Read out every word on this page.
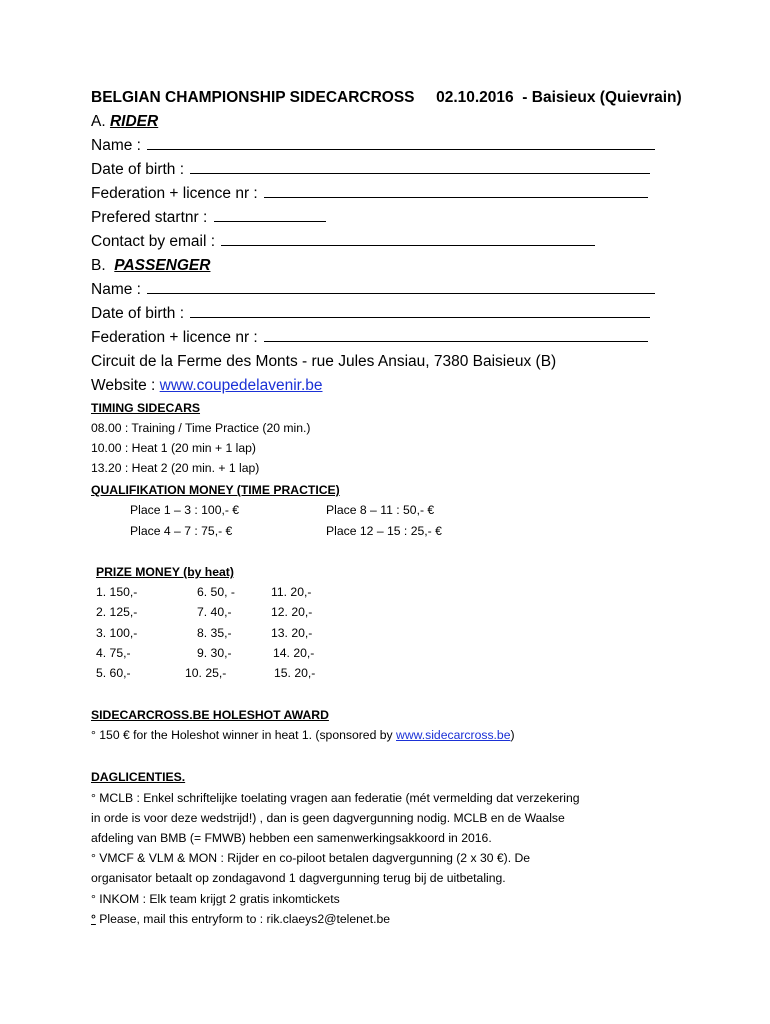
BELGIAN CHAMPIONSHIP SIDECARCROSS 02.10.2016 - Baisieux (Quievrain)
A. RIDER
Name :
Date of birth :
Federation + licence nr :
Prefered startnr :
Contact by email :
B. PASSENGER
Name :
Date of birth :
Federation + licence nr :
Circuit de la Ferme des Monts - rue Jules Ansiau, 7380 Baisieux (B)
Website : www.coupedelavenir.be
TIMING SIDECARS
08.00 : Training / Time Practice (20 min.)
10.00 : Heat 1 (20 min + 1 lap)
13.20 : Heat 2 (20 min. + 1 lap)
QUALIFIKATION MONEY (TIME PRACTICE)
Place 1 – 3 : 100,- €	Place 8 – 11 : 50,- €
Place 4 – 7 : 75,- €	Place 12 – 15 : 25,- €
PRIZE MONEY (by heat)
1. 150,-	6. 50, -	11. 20,-
2. 125,-	7. 40,-	12. 20,-
3. 100,-	8. 35,-	13. 20,-
4. 75,-	9. 30,-	14. 20,-
5. 60,-	10. 25,-	15. 20,-
SIDECARCROSS.BE HOLESHOT AWARD
° 150 € for the Holeshot winner in heat 1. (sponsored by www.sidecarcross.be)
DAGLICENTIES.
° MCLB : Enkel schriftelijke toelating vragen aan federatie (mét vermelding dat verzekering
in orde is voor deze wedstrijd!) , dan is geen dagvergunning nodig. MCLB en de Waalse
afdeling van BMB (= FMWB) hebben een samenwerkingsakkoord in 2016.
° VMCF & VLM & MON : Rijder en co-piloot betalen dagvergunning (2 x 30 €). De
organisator betaalt op zondagavond 1 dagvergunning terug bij de uitbetaling.
° INKOM : Elk team krijgt 2 gratis inkomtickets
° Please, mail this entryform to : rik.claeys2@telenet.be
